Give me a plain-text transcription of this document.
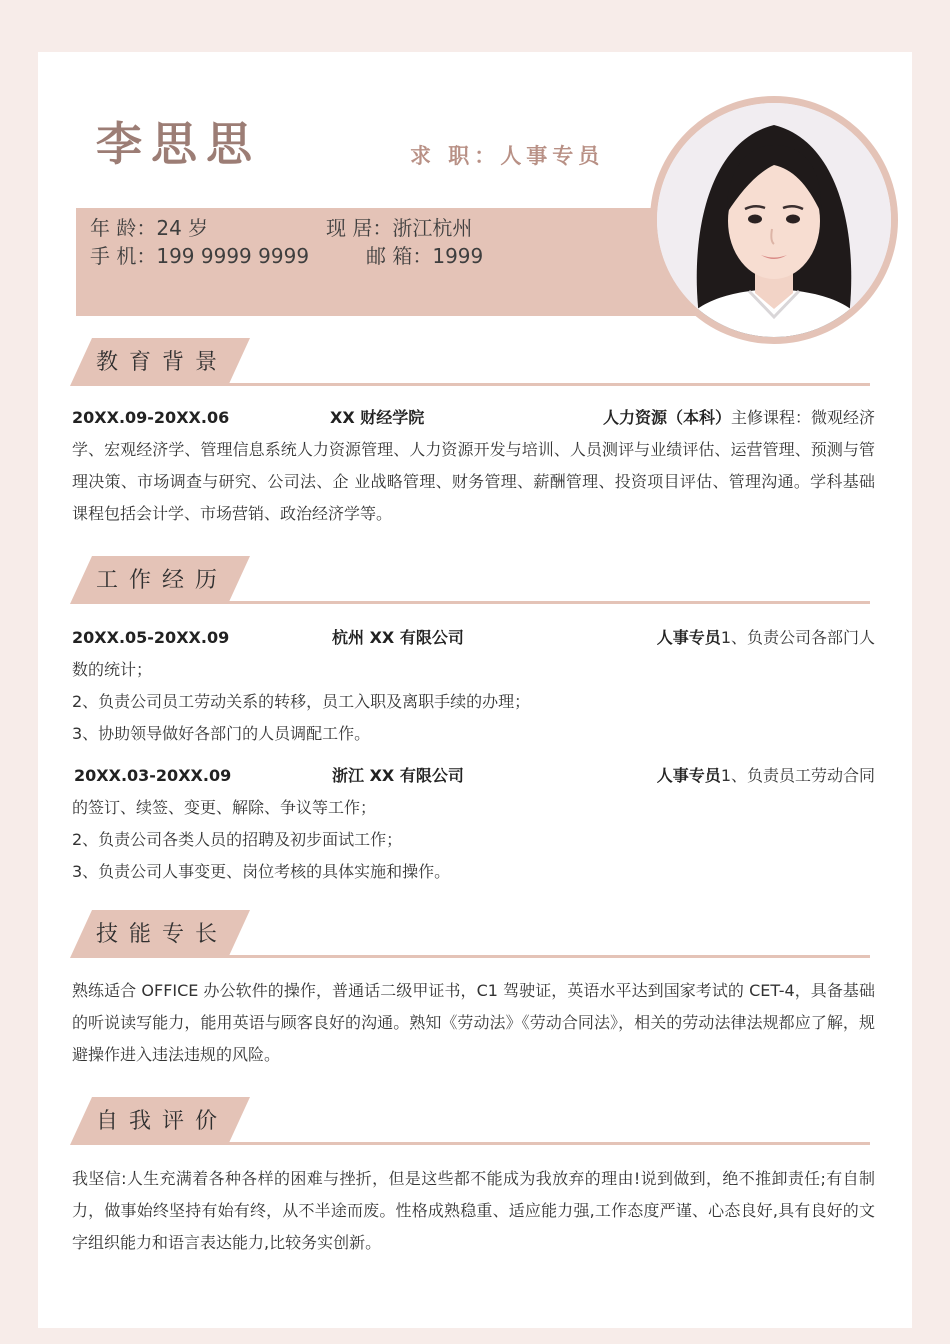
李思思	求 职：人事专员
年 龄：24 岁	现 居：浙江杭州
手 机：199 9999 9999	邮 箱：1999
教育背景
20XX.09-20XX.06	XX 财经学院	人力资源（本科）主修课程：微观经济
学、宏观经济学、管理信息系统人力资源管理、人力资源开发与培训、人员测评与业绩评估、运营管理、预测与管理决策、市场调查与研究、公司法、企 业战略管理、财务管理、薪酬管理、投资项目评估、管理沟通。学科基础课程包括会计学、市场营销、政治经济学等。
工作经历
20XX.05-20XX.09	杭州 XX 有限公司	人事专员1、负责公司各部门人
数的统计；
2、负责公司员工劳动关系的转移，员工入职及离职手续的办理；
3、协助领导做好各部门的人员调配工作。
20XX.03-20XX.09	浙江 XX 有限公司	人事专员1、负责员工劳动合同
的签订、续签、变更、解除、争议等工作；
2、负责公司各类人员的招聘及初步面试工作；
3、负责公司人事变更、岗位考核的具体实施和操作。
技能专长
熟练适合 OFFICE 办公软件的操作，普通话二级甲证书，C1 驾驶证，英语水平达到国家考试的 CET-4，具备基础的听说读写能力，能用英语与顾客良好的沟通。熟知《劳动法》《劳动合同法》，相关的劳动法律法规都应了解，规避操作进入违法违规的风险。
自我评价
我坚信:人生充满着各种各样的困难与挫折，但是这些都不能成为我放弃的理由!说到做到，绝不推卸责任;有自制力，做事始终坚持有始有终，从不半途而废。性格成熟稳重、适应能力强,工作态度严谨、心态良好,具有良好的文字组织能力和语言表达能力,比较务实创新。
